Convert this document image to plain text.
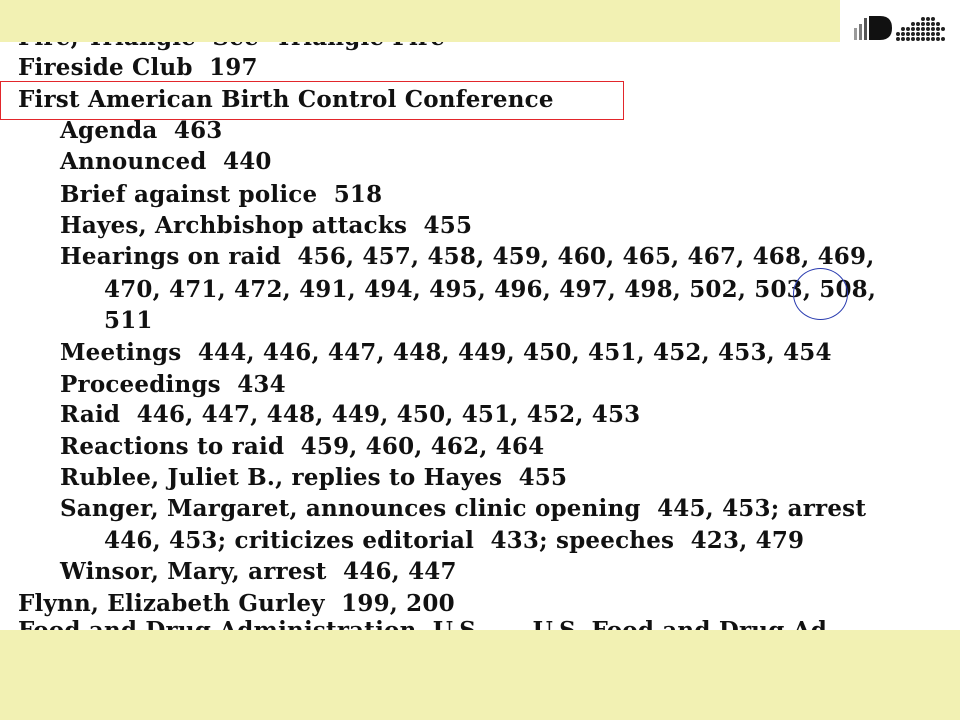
Fireside Club  197
First American Birth Control Conference
Agenda  463
Announced  440
Brief against police  518
Hayes, Archbishop attacks  455
Hearings on raid  456, 457, 458, 459, 460, 465, 467, 468, 469,
470, 471, 472, 491, 494, 495, 496, 497, 498, 502, 503, 508,
511
Meetings  444, 446, 447, 448, 449, 450, 451, 452, 453, 454
Proceedings  434
Raid  446, 447, 448, 449, 450, 451, 452, 453
Reactions to raid  459, 460, 462, 464
Rublee, Juliet B., replies to Hayes  455
Sanger, Margaret, announces clinic opening  445, 453; arrest
446, 453; criticizes editorial  433; speeches  423, 479
Winsor, Mary, arrest  446, 447
Flynn, Elizabeth Gurley  199, 200
